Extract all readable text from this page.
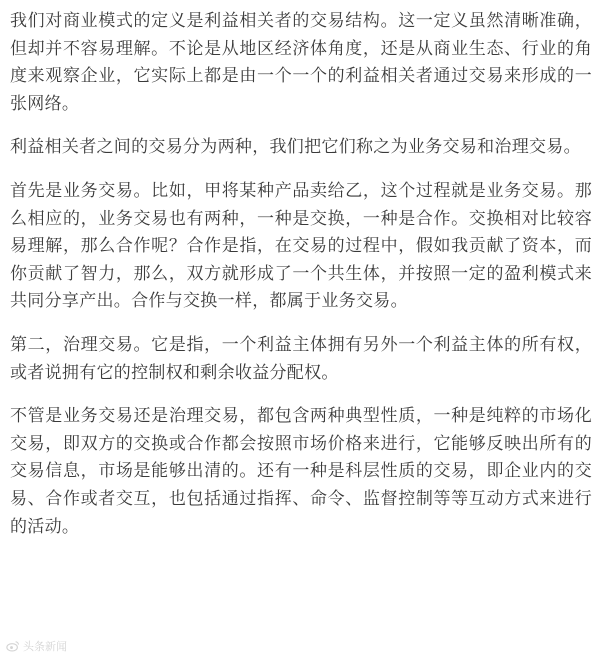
我们对商业模式的定义是利益相关者的交易结构。这一定义虽然清晰准确，但却并不容易理解。不论是从地区经济体角度，还是从商业生态、行业的角度来观察企业，它实际上都是由一个一个的利益相关者通过交易来形成的一张网络。

利益相关者之间的交易分为两种，我们把它们称之为业务交易和治理交易。

首先是业务交易。比如，甲将某种产品卖给乙，这个过程就是业务交易。那么相应的，业务交易也有两种，一种是交换，一种是合作。交换相对比较容易理解，那么合作呢？合作是指，在交易的过程中，假如我贡献了资本，而你贡献了智力，那么，双方就形成了一个共生体，并按照一定的盈利模式来共同分享产出。合作与交换一样，都属于业务交易。

第二，治理交易。它是指，一个利益主体拥有另外一个利益主体的所有权，或者说拥有它的控制权和剩余收益分配权。

不管是业务交易还是治理交易，都包含两种典型性质，一种是纯粹的市场化交易，即双方的交换或合作都会按照市场价格来进行，它能够反映出所有的交易信息，市场是能够出清的。还有一种是科层性质的交易，即企业内的交易、合作或者交互，也包括通过指挥、命令、监督控制等等互动方式来进行的活动。

头条新闻
